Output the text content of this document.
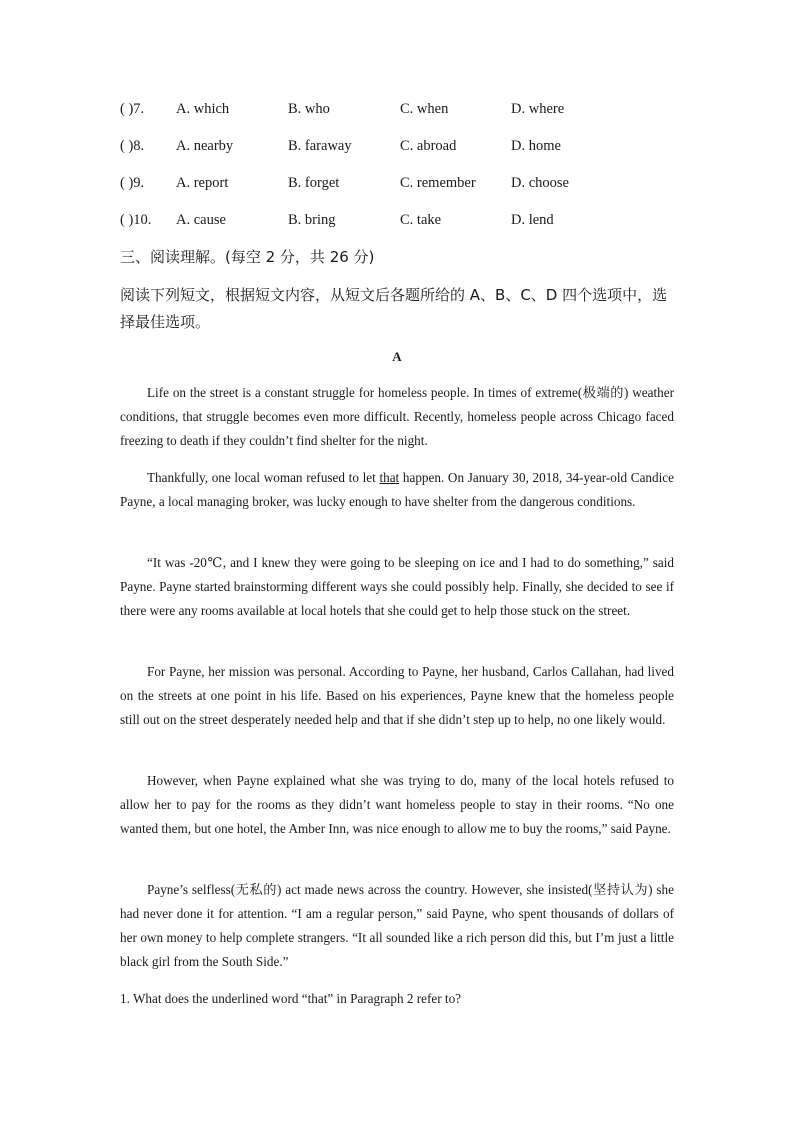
( )7. A. which	B. who	C. when	D. where
( )8. A. nearby	B. faraway	C. abroad	D. home
( )9. A. report	B. forget	C. remember D. choose
( )10. A. cause	B. bring	C. take	D. lend
三、阅读理解。(每空 2 分，共 26 分)
阅读下列短文，根据短文内容，从短文后各题所给的 A、B、C、D 四个选项中，选择最佳选项。
A
Life on the street is a constant struggle for homeless people. In times of extreme(极端的) weather conditions, that struggle becomes even more difficult. Recently, homeless people across Chicago faced freezing to death if they couldn’t find shelter for the night.
Thankfully, one local woman refused to let that happen. On January 30, 2018, 34-year-old Candice Payne, a local managing broker, was lucky enough to have shelter from the dangerous conditions.
“It was -20℃, and I knew they were going to be sleeping on ice and I had to do something,” said Payne. Payne started brainstorming different ways she could possibly help. Finally, she decided to see if there were any rooms available at local hotels that she could get to help those stuck on the street.
For Payne, her mission was personal. According to Payne, her husband, Carlos Callahan, had lived on the streets at one point in his life. Based on his experiences, Payne knew that the homeless people still out on the street desperately needed help and that if she didn’t step up to help, no one likely would.
However, when Payne explained what she was trying to do, many of the local hotels refused to allow her to pay for the rooms as they didn’t want homeless people to stay in their rooms. “No one wanted them, but one hotel, the Amber Inn, was nice enough to allow me to buy the rooms,” said Payne.
Payne’s selfless(无私的) act made news across the country. However, she insisted(坚持认为) she had never done it for attention. “I am a regular person,” said Payne, who spent thousands of dollars of her own money to help complete strangers. “It all sounded like a rich person did this, but I’m just a little black girl from the South Side.”
1. What does the underlined word “that” in Paragraph 2 refer to?
